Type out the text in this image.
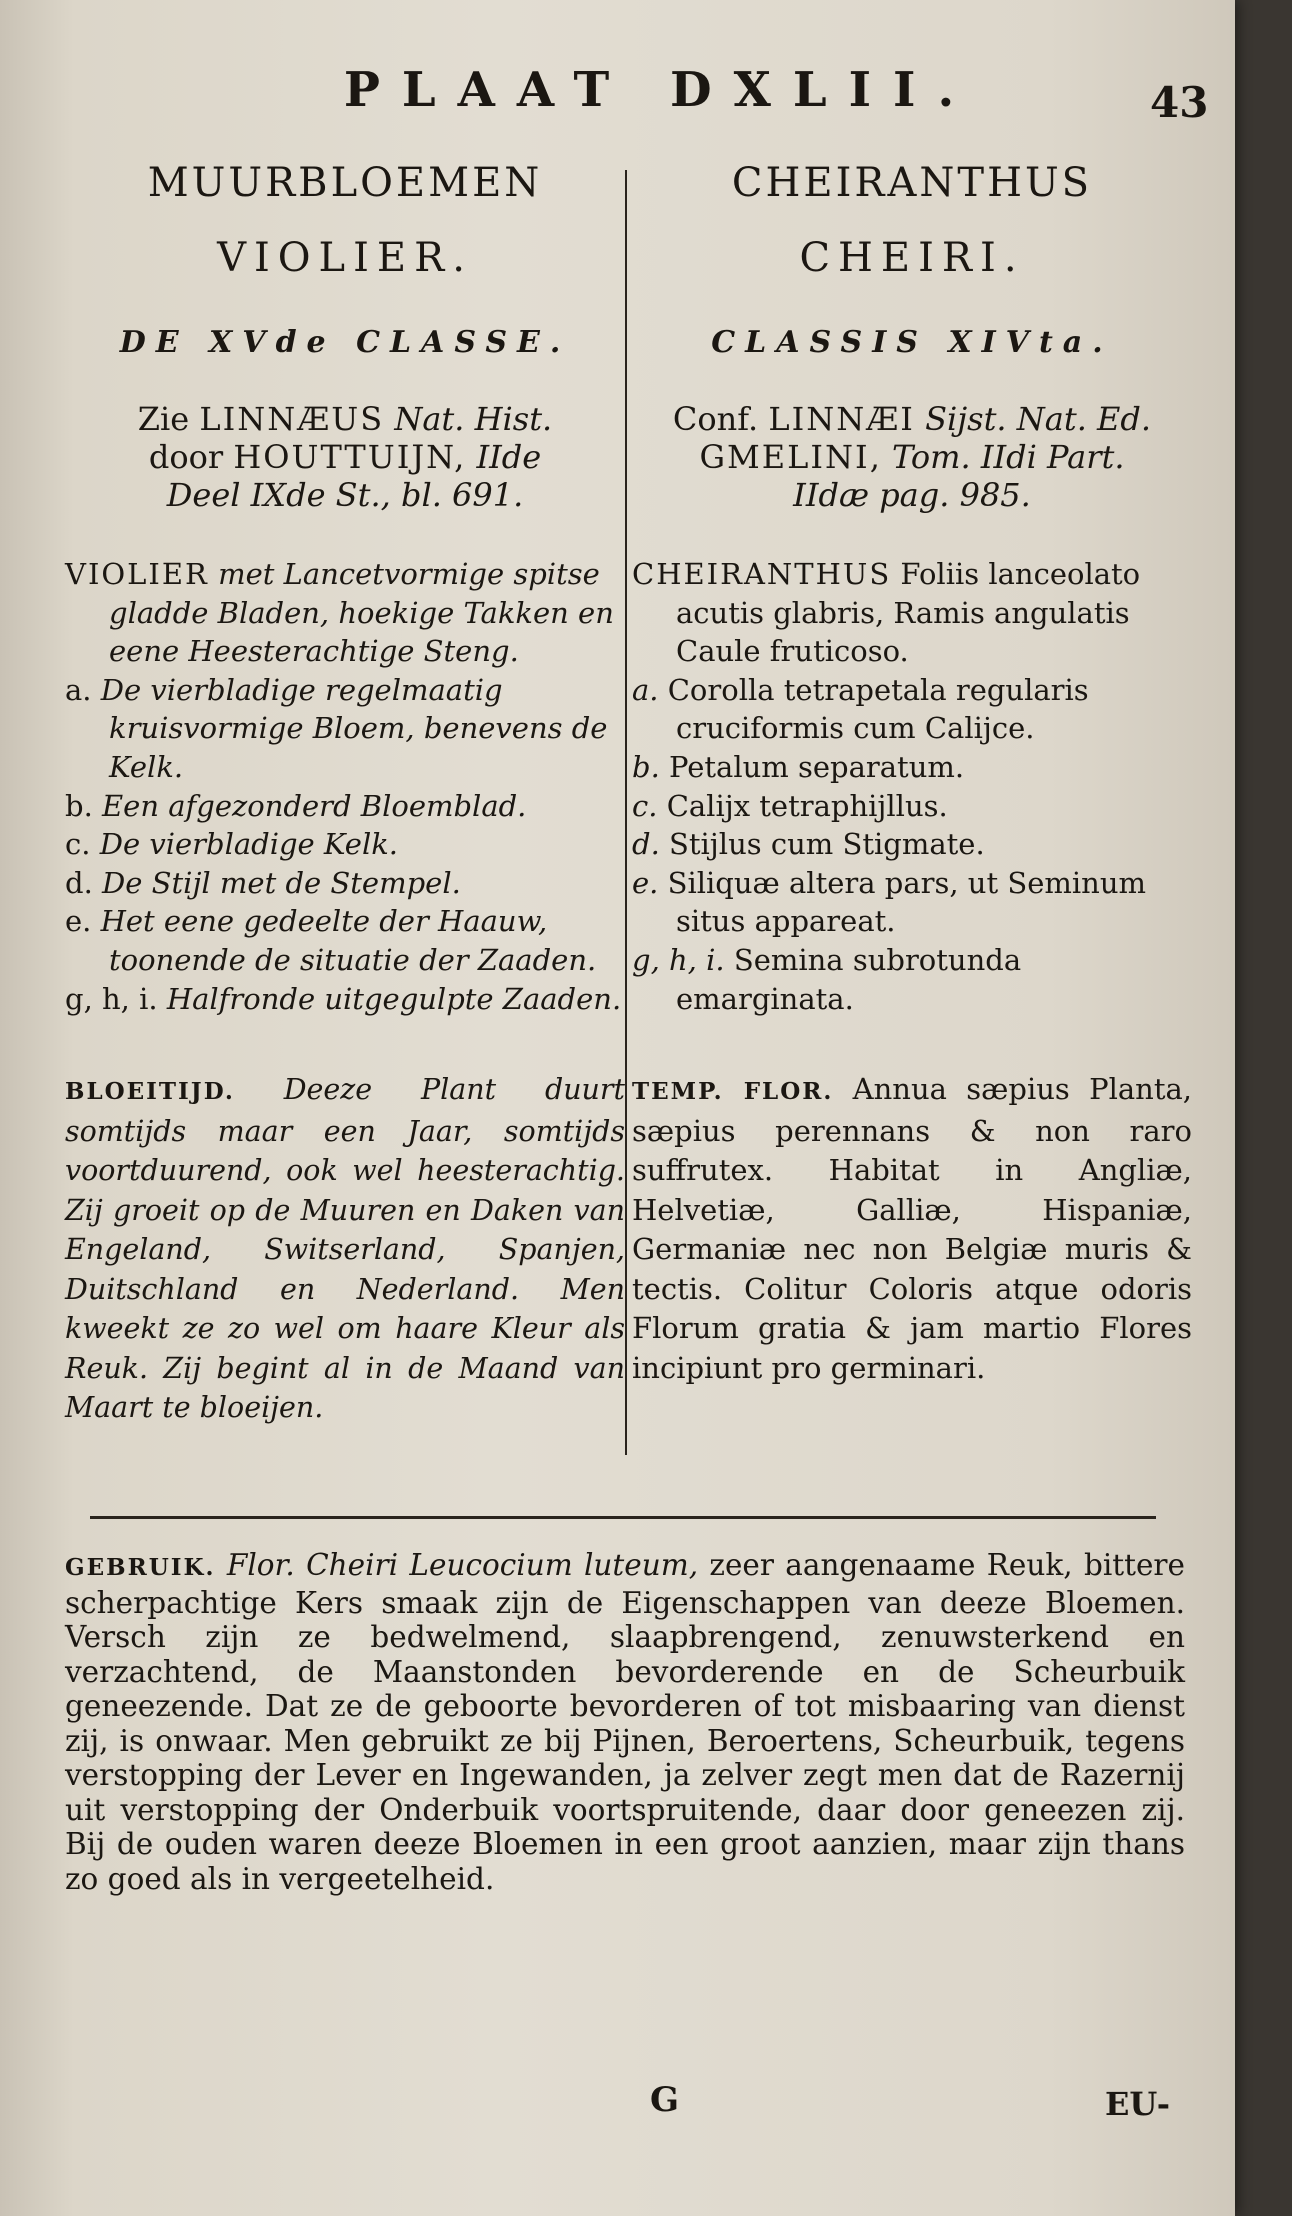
PLAAT DXLII.	43
MUURBLOEMEN
VIOLIER.
DE XVde CLASSE.
Zie LINNÆUS Nat. Hist.
door HOUTTUIJN, IIde
Deel IXde St., bl. 691.

VIOLIER met Lancetvormige spitse gladde Bladen, hoekige Takken en eene Heesterachtige Steng.

a. De vierbladige regelmaatig kruisvormige Bloem, benevens de Kelk.

b. Een afgezonderd Bloemblad.

c. De vierbladige Kelk.

d. De Stijl met de Stempel.

e. Het eene gedeelte der Haauw, toonende de situatie der Zaaden.

g, h, i. Halfronde uitgegulpte Zaaden.

BLOEITIJD. Deeze Plant duurt somtijds maar een Jaar, somtijds voortduurend, ook wel heesterachtig. Zij groeit op de Muuren en Daken van Engeland, Switserland, Spanjen, Duitschland en Nederland. Men kweekt ze zo wel om haare Kleur als Reuk. Zij begint al in de Maand van Maart te bloeijen.
CHEIRANTHUS
CHEIRI.
CLASSIS XIVta.
Conf. LINNÆI Sijst. Nat. Ed.
GMELINI, Tom. IIdi Part.
IIdæ pag. 985.

CHEIRANTHUS Foliis lanceolato acutis glabris, Ramis angulatis Caule fruticoso.

a. Corolla tetrapetala regularis cruciformis cum Calijce.

b. Petalum separatum.

c. Calijx tetraphijllus.

d. Stijlus cum Stigmate.

e. Siliquæ altera pars, ut Seminum situs appareat.

g, h, i. Semina subrotunda emarginata.

TEMP. FLOR. Annua sæpius Planta, sæpius perennans & non raro suffrutex. Habitat in Angliæ, Helvetiæ, Galliæ, Hispaniæ, Germaniæ nec non Belgiæ muris & tectis. Colitur Coloris atque odoris Florum gratia & jam martio Flores incipiunt pro germinari.
GEBRUIK. Flor. Cheiri Leucocium luteum, zeer aangenaame Reuk, bittere scherpachtige Kers smaak zijn de Eigenschappen van deeze Bloemen. Versch zijn ze bedwelmend, slaapbrengend, zenuwsterkend en verzachtend, de Maanstonden bevorderende en de Scheurbuik geneezende. Dat ze de geboorte bevorderen of tot misbaaring van dienst zij, is onwaar. Men gebruikt ze bij Pijnen, Beroertens, Scheurbuik, tegens verstopping der Lever en Ingewanden, ja zelver zegt men dat de Razernij uit verstopping der Onderbuik voortspruitende, daar door geneezen zij. Bij de ouden waren deeze Bloemen in een groot aanzien, maar zijn thans zo goed als in vergeetelheid.
G	EU-
